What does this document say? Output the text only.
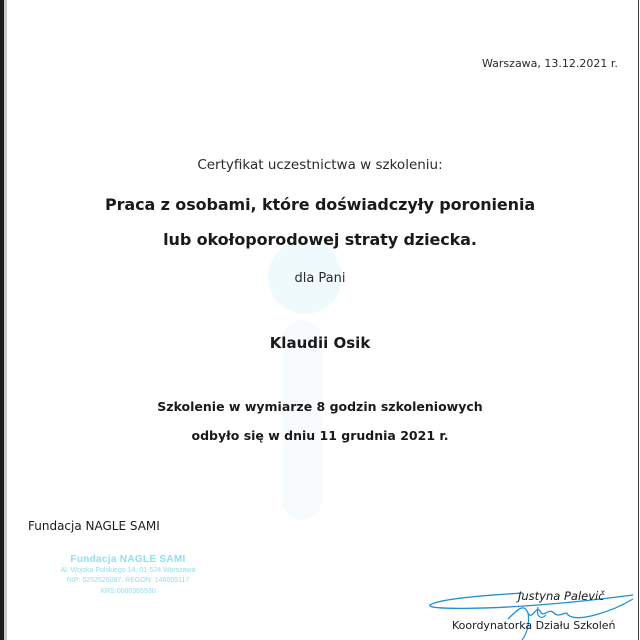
Warszawa, 13.12.2021 r.
Certyfikat uczestnictwa w szkoleniu:
Praca z osobami, które doświadczyły poronienia
lub okołoporodowej straty dziecka.
dla Pani
Klaudii Osik
Szkolenie w wymiarze 8 godzin szkoleniowych
odbyło się w dniu 11 grudnia 2021 r.
Fundacja NAGLE SAMI
Fundacja NAGLE SAMI
Al. Wojska Polskiego 14, 01-524 Warszawa
NIP: 5252526087, REGON: 146609117
KRS:0000365530	Justyna Palevič
Koordynatorka Działu Szkoleń
